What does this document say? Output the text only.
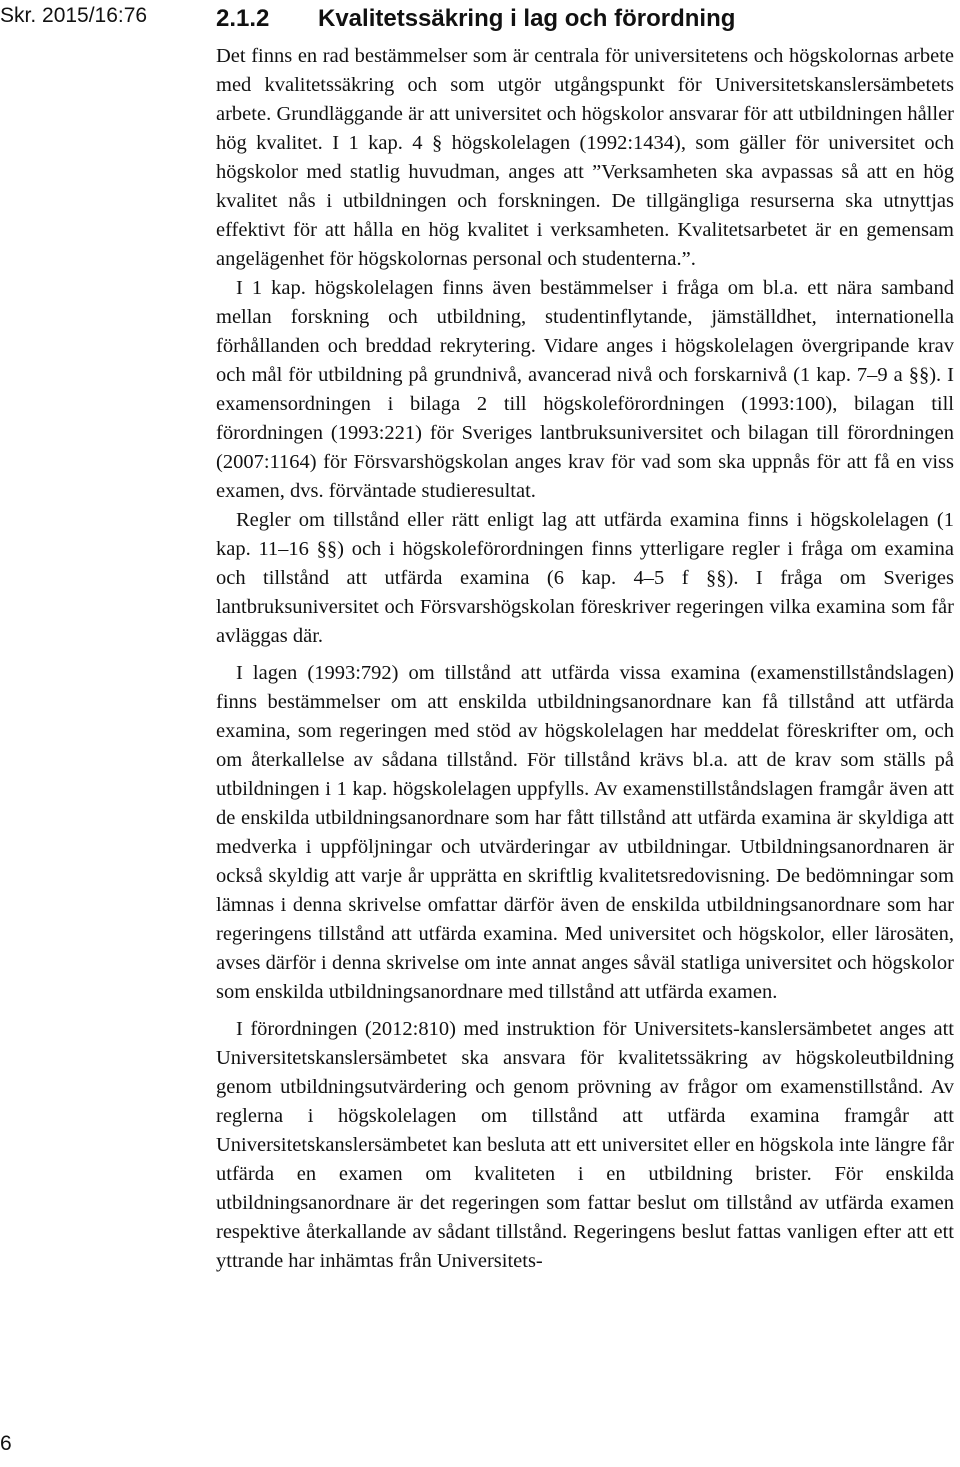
Skr. 2015/16:76
6
2.1.2	Kvalitetssäkring i lag och förordning

Det finns en rad bestämmelser som är centrala för universitetens och högskolornas arbete med kvalitetssäkring och som utgör utgångspunkt för Universitetskanslersämbetets arbete. Grundläggande är att universitet och högskolor ansvarar för att utbildningen håller hög kvalitet. I 1 kap. 4 § högskolelagen (1992:1434), som gäller för universitet och högskolor med statlig huvudman, anges att ”Verksamheten ska avpassas så att en hög kvalitet nås i utbildningen och forskningen. De tillgängliga resurserna ska utnyttjas effektivt för att hålla en hög kvalitet i verksamheten. Kvalitetsarbetet är en gemensam angelägenhet för högskolornas personal och studenterna.”.

I 1 kap. högskolelagen finns även bestämmelser i fråga om bl.a. ett nära samband mellan forskning och utbildning, studentinflytande, jämställdhet, internationella förhållanden och breddad rekrytering. Vidare anges i högskolelagen övergripande krav och mål för utbildning på grundnivå, avancerad nivå och forskarnivå (1 kap. 7–9 a §§). I examensordningen i bilaga 2 till högskoleförordningen (1993:100), bilagan till förordningen (1993:221) för Sveriges lantbruksuniversitet och bilagan till förordningen (2007:1164) för Försvarshögskolan anges krav för vad som ska uppnås för att få en viss examen, dvs. förväntade studieresultat.

Regler om tillstånd eller rätt enligt lag att utfärda examina finns i högskolelagen (1 kap. 11–16 §§) och i högskoleförordningen finns ytterligare regler i fråga om examina och tillstånd att utfärda examina (6 kap. 4–5 f §§). I fråga om Sveriges lantbruksuniversitet och Försvarshögskolan föreskriver regeringen vilka examina som får avläggas där.

I lagen (1993:792) om tillstånd att utfärda vissa examina (examenstillståndslagen) finns bestämmelser om att enskilda utbildningsanordnare kan få tillstånd att utfärda examina, som regeringen med stöd av högskolelagen har meddelat föreskrifter om, och om återkallelse av sådana tillstånd. För tillstånd krävs bl.a. att de krav som ställs på utbildningen i 1 kap. högskolelagen uppfylls. Av examenstillståndslagen framgår även att de enskilda utbildningsanordnare som har fått tillstånd att utfärda examina är skyldiga att medverka i uppföljningar och utvärderingar av utbildningar. Utbildningsanordnaren är också skyldig att varje år upprätta en skriftlig kvalitetsredovisning. De bedömningar som lämnas i denna skrivelse omfattar därför även de enskilda utbildningsanordnare som har regeringens tillstånd att utfärda examina. Med universitet och högskolor, eller lärosäten, avses därför i denna skrivelse om inte annat anges såväl statliga universitet och högskolor som enskilda utbildningsanordnare med tillstånd att utfärda examen.

I förordningen (2012:810) med instruktion för Universitets-kanslersämbetet anges att Universitetskanslersämbetet ska ansvara för kvalitetssäkring av högskoleutbildning genom utbildningsutvärdering och genom prövning av frågor om examenstillstånd. Av reglerna i högskolelagen om tillstånd att utfärda examina framgår att Universitetskanslersämbetet kan besluta att ett universitet eller en högskola inte längre får utfärda en examen om kvaliteten i en utbildning brister. För enskilda utbildningsanordnare är det regeringen som fattar beslut om tillstånd av utfärda examen respektive återkallande av sådant tillstånd. Regeringens beslut fattas vanligen efter att ett yttrande har inhämtas från Universitets-
